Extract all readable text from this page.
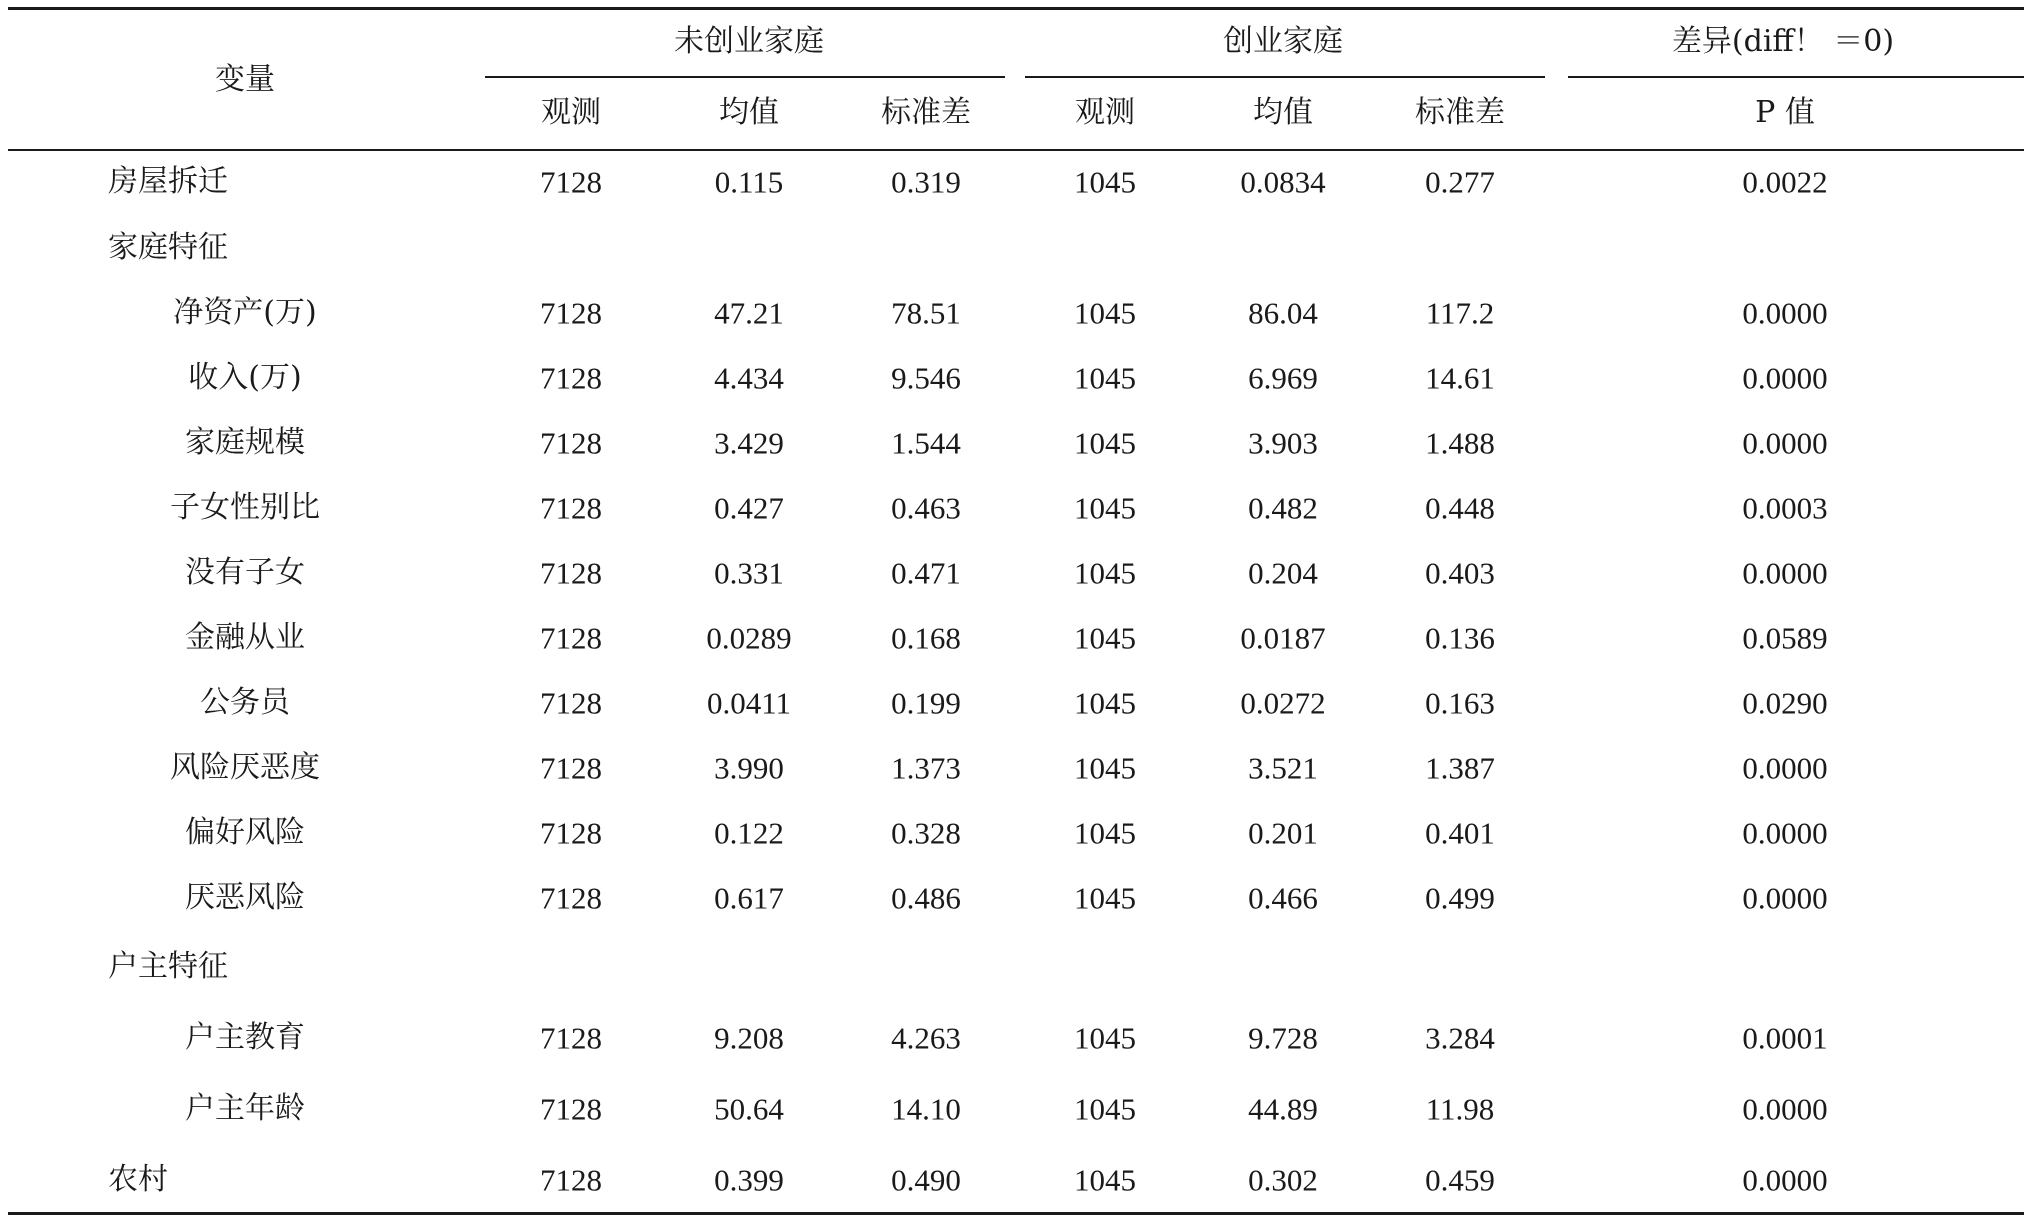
变量
未创业家庭	创业家庭	差异(diff！ ＝0)
观测	均值	标准差	观测	均值	标准差	P 值
房屋拆迁	7128	0.115	0.319	1045	0.0834	0.277	0.0022
家庭特征
净资产(万)	7128	47.21	78.51	1045	86.04	117.2	0.0000
收入(万)	7128	4.434	9.546	1045	6.969	14.61	0.0000
家庭规模	7128	3.429	1.544	1045	3.903	1.488	0.0000
子女性别比	7128	0.427	0.463	1045	0.482	0.448	0.0003
没有子女	7128	0.331	0.471	1045	0.204	0.403	0.0000
金融从业	7128	0.0289	0.168	1045	0.0187	0.136	0.0589
公务员	7128	0.0411	0.199	1045	0.0272	0.163	0.0290
风险厌恶度	7128	3.990	1.373	1045	3.521	1.387	0.0000
偏好风险	7128	0.122	0.328	1045	0.201	0.401	0.0000
厌恶风险	7128	0.617	0.486	1045	0.466	0.499	0.0000
户主特征
户主教育	7128	9.208	4.263	1045	9.728	3.284	0.0001
户主年龄	7128	50.64	14.10	1045	44.89	11.98	0.0000
农村	7128	0.399	0.490	1045	0.302	0.459	0.0000
